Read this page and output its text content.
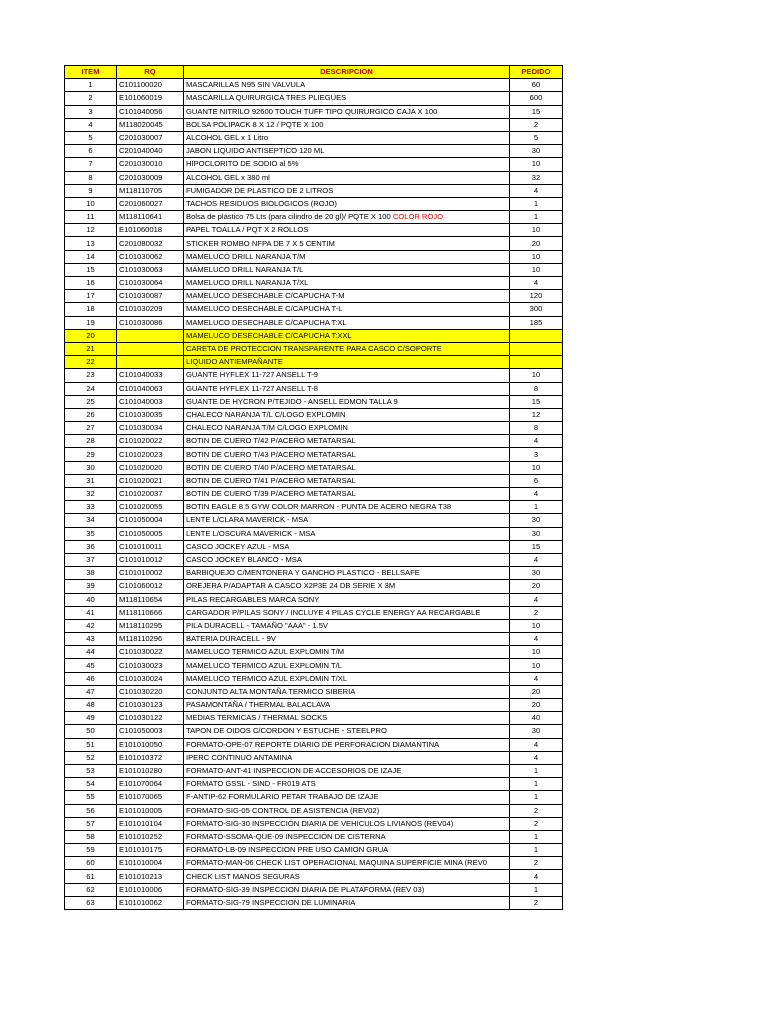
ITEM	RQ	DESCRIPCION	PEDIDO
1	C101100020	MASCARILLAS N95 SIN VALVULA	60
2	E101060019	MASCARILLA QUIRURGICA TRES PLIEGUES	600
3	C101040056	GUANTE NITRILO 92600 TOUCH TUFF TIPO QUIRURGICO CAJA X 100	15
4	M118020045	BOLSA POLIPACK 8 X 12 / PQTE X 100	2
5	C201030007	ALCOHOL GEL x 1 Litro	5
6	C201040040	JABON LIQUIDO ANTISEPTICO 120 ML	30
7	C201030010	HIPOCLORITO DE SODIO al 5%	10
8	C201030009	ALCOHOL GEL x 380 ml	32
9	M118110705	FUMIGADOR DE PLASTICO DE 2 LITROS	4
10	C201060027	TACHOS RESIDUOS BIOLOGICOS (ROJO)	1
11	M118110641	Bolsa de plástico 75 Lts (para cilindro de 20 gl)/ PQTE X 100 COLOR ROJO	1
12	E101060018	PAPEL TOALLA / PQT X 2 ROLLOS	10
13	C201080032	STICKER ROMBO NFPA DE 7 X 5 CENTIM	20
14	C101030062	MAMELUCO DRILL NARANJA T/M	10
15	C101030063	MAMELUCO DRILL NARANJA T/L	10
16	C101030064	MAMELUCO DRILL NARANJA T/XL	4
17	C101030087	MAMELUCO DESECHABLE C/CAPUCHA T-M	120
18	C101030209	MAMELUCO DESECHABLE C/CAPUCHA T-L	300
19	C101030086	MAMELUCO DESECHABLE C/CAPUCHA T:XL	185
20		MAMELUCO DESECHABLE C/CAPUCHA T:XXL	
21		CARETA DE PROTECCION TRANSPARENTE PARA CASCO C/SOPORTE	
22		LIQUIDO ANTIEMPAÑANTE	
23	C101040033	GUANTE HYFLEX 11-727 ANSELL T-9	10
24	C101040063	GUANTE HYFLEX 11-727 ANSELL T-8	8
25	C101040003	GUANTE DE HYCRON P/TEJIDO - ANSELL EDMON TALLA 9	15
26	C101030035	CHALECO NARANJA T/L C/LOGO EXPLOMIN	12
27	C101030034	CHALECO NARANJA T/M C/LOGO EXPLOMIN	8
28	C101020022	BOTIN DE CUERO T/42 P/ACERO METATARSAL	4
29	C101020023	BOTIN DE CUERO T/43 P/ACERO METATARSAL	3
30	C101020020	BOTIN DE CUERO T/40 P/ACERO METATARSAL	10
31	C101020021	BOTIN DE CUERO T/41 P/ACERO METATARSAL	6
32	C101020037	BOTIN DE CUERO T/39 P/ACERO METATARSAL	4
33	C101020055	BOTIN EAGLE 8 5 GYW COLOR MARRON - PUNTA DE ACERO NEGRA T38	1
34	C101050004	LENTE L/CLARA MAVERICK - MSA	30
35	C101050005	LENTE L/OSCURA MAVERICK - MSA	30
36	C101010011	CASCO JOCKEY AZUL - MSA	15
37	C101010012	CASCO JOCKEY BLANCO - MSA	4
38	C101010002	BARBIQUEJO C/MENTONERA Y GANCHO PLASTICO - BELLSAFE	30
39	C101060012	OREJERA P/ADAPTAR A CASCO X2P3E 24 DB SERIE X 3M	20
40	M118110654	PILAS RECARGABLES MARCA SONY	4
41	M118110666	CARGADOR P/PILAS SONY / INCLUYE 4 PILAS CYCLE ENERGY AA RECARGABLE	2
42	M118110295	PILA DURACELL - TAMAÑO "AAA" - 1.5V	10
43	M118110296	BATERIA DURACELL - 9V	4
44	C101030022	MAMELUCO TERMICO AZUL EXPLOMIN T/M	10
45	C101030023	MAMELUCO TERMICO AZUL EXPLOMIN T/L	10
46	C101030024	MAMELUCO TERMICO AZUL EXPLOMIN T/XL	4
47	C101030220	CONJUNTO ALTA MONTAÑA TERMICO SIBERIA	20
48	C101030123	PASAMONTAÑA / THERMAL BALACLAVA	20
49	C101030122	MEDIAS TERMICAS / THERMAL SOCKS	40
50	C101050003	TAPON DE OIDOS C/CORDON Y ESTUCHE - STEELPRO	30
51	E101010050	FORMATO-OPE-07 REPORTE DIARIO DE PERFORACION DIAMANTINA	4
52	E101010372	IPERC CONTINUO ANTAMINA	4
53	E101010280	FORMATO-ANT-41 INSPECCION DE ACCESORIOS DE IZAJE	1
54	E101070064	FORMATO GSSL - SIND - FR019 ATS	1
55	E101070065	F-ANTIP-62 FORMULARIO PETAR TRABAJO DE IZAJE	1
56	E101010005	FORMATO-SIG-05 CONTROL DE ASISTENCIA (REV02)	2
57	E101010104	FORMATO-SIG-30 INSPECCIÓN DIARIA DE VEHICULOS LIVIANOS (REV04)	2
58	E101010252	FORMATO-SSOMA-QUE-09 INSPECCIÓN DE CISTERNA	1
59	E101010175	FORMATO-LB-09 INSPECCION PRE USO CAMION GRUA	1
60	E101010004	FORMATO-MAN-06 CHECK LIST OPERACIONAL MAQUINA SUPERFICIE MINA (REV0	2
61	E101010213	CHECK LIST MANOS SEGURAS	4
62	E101010006	FORMATO-SIG-39 INSPECCION DIARIA DE PLATAFORMA (REV 03)	1
63	E101010062	FORMATO-SIG-79 INSPECCION DE LUMINARIA	2
